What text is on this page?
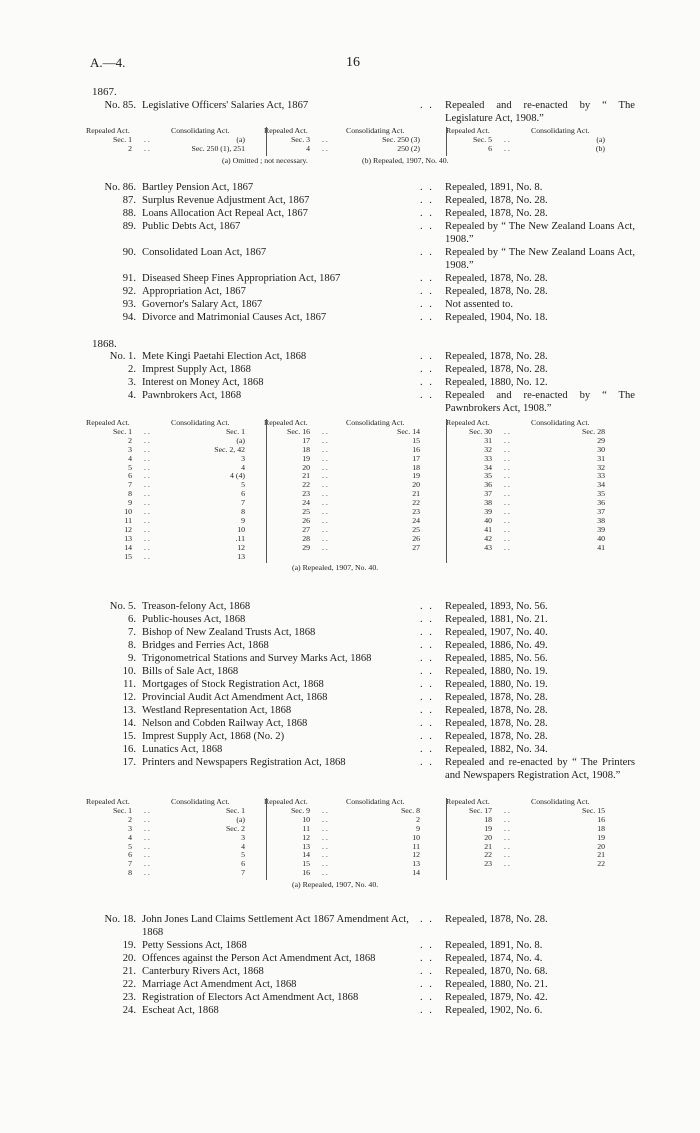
A.—4.	16
1867.
No. 85. Legislative Officers' Salaries Act, 1867	. . Repealed and re-enacted by “ The Legislature Act, 1908.”
Repealed Act.	Consolidating Act.
Sec. 1 . .	(a)
2 . .	Sec. 250 (1), 251
Repealed Act.	Consolidating Act.
Sec. 3 . .	Sec. 250 (3)
4 . .	250 (2)
Repealed Act.	Consolidating Act.
Sec. 5 . .	(a)
6 . .	(b)
(a) Omitted ; not necessary.	(b) Repealed, 1907, No. 40.
No. 86. Bartley Pension Act, 1867	. . Repealed, 1891, No. 8.
87. Surplus Revenue Adjustment Act, 1867	. . Repealed, 1878, No. 28.
88. Loans Allocation Act Repeal Act, 1867	. . Repealed, 1878, No. 28.
89. Public Debts Act, 1867	. . Repealed by “ The New Zealand Loans Act, 1908.”
90. Consolidated Loan Act, 1867	. . Repealed by “ The New Zealand Loans Act, 1908.”
91. Diseased Sheep Fines Appropriation Act, 1867	. . Repealed, 1878, No. 28.
92. Appropriation Act, 1867	. . Repealed, 1878, No. 28.
93. Governor's Salary Act, 1867	. . Not assented to.
94. Divorce and Matrimonial Causes Act, 1867	. . Repealed, 1904, No. 18.
1868.
No. 1. Mete Kingi Paetahi Election Act, 1868	. . Repealed, 1878, No. 28.
2. Imprest Supply Act, 1868	. . Repealed, 1878, No. 28.
3. Interest on Money Act, 1868	. . Repealed, 1880, No. 12.
4. Pawnbrokers Act, 1868	. . Repealed and re-enacted by “ The Pawnbrokers Act, 1908.”
Repealed Act.	Consolidating Act.
Sec. 1 . .	Sec. 1
2 . .	(a)
3 . .	Sec. 2, 42
4 . .	3
5 . .	4
6 . .	4 (4)
7 . .	5
8 . .	6
9 . .	7
10 . .	8
11 . .	9
12 . .	10
13 . .	.11
14 . .	12
15 . .	13
Repealed Act.	Consolidating Act.
Sec. 16 . .	Sec. 14
17 . .	15
18 . .	16
19 . .	17
20 . .	18
21 . .	19
22 . .	20
23 . .	21
24 . .	22
25 . .	23
26 . .	24
27 . .	25
28 . .	26
29 . .	27
Repealed Act.	Consolidating Act.
Sec. 30 . .	Sec. 28
31 . .	29
32 . .	30
33 . .	31
34 . .	32
35 . .	33
36 . .	34
37 . .	35
38 . .	36
39 . .	37
40 . .	38
41 . .	39
42 . .	40
43 . .	41
(a) Repealed, 1907, No. 40.
No. 5. Treason-felony Act, 1868	. . Repealed, 1893, No. 56.
6. Public-houses Act, 1868	. . Repealed, 1881, No. 21.
7. Bishop of New Zealand Trusts Act, 1868	. . Repealed, 1907, No. 40.
8. Bridges and Ferries Act, 1868	. . Repealed, 1886, No. 49.
9. Trigonometrical Stations and Survey Marks Act, 1868	. . Repealed, 1885, No. 56.
10. Bills of Sale Act, 1868	. . Repealed, 1880, No. 19.
11. Mortgages of Stock Registration Act, 1868	. . Repealed, 1880, No. 19.
12. Provincial Audit Act Amendment Act, 1868	. . Repealed, 1878, No. 28.
13. Westland Representation Act, 1868	. . Repealed, 1878, No. 28.
14. Nelson and Cobden Railway Act, 1868	. . Repealed, 1878, No. 28.
15. Imprest Supply Act, 1868 (No. 2)	. . Repealed, 1878, No. 28.
16. Lunatics Act, 1868	. . Repealed, 1882, No. 34.
17. Printers and Newspapers Registration Act, 1868	. . Repealed and re-enacted by “ The Printers and Newspapers Registration Act, 1908.”
Repealed Act.	Consolidating Act.
Sec. 1 . .	Sec. 1
2 . .	(a)
3 . .	Sec. 2
4 . .	3
5 . .	4
6 . .	5
7 . .	6
8 . .	7
Repealed Act.	Consolidating Act.
Sec. 9 . .	Sec. 8
10 . .	2
11 . .	9
12 . .	10
13 . .	11
14 . .	12
15 . .	13
16 . .	14
Repealed Act.	Consolidating Act.
Sec. 17 . .	Sec. 15
18 . .	16
19 . .	18
20 . .	19
21 . .	20
22 . .	21
23 . .	22
(a) Repealed, 1907, No. 40.
No. 18. John Jones Land Claims Settlement Act 1867 Amendment Act, 1868
. . Repealed, 1878, No. 28.
19. Petty Sessions Act, 1868	. . Repealed, 1891, No. 8.
20. Offences against the Person Act Amendment Act, 1868	. . Repealed, 1874, No. 4.
21. Canterbury Rivers Act, 1868	. . Repealed, 1870, No. 68.
22. Marriage Act Amendment Act, 1868	. . Repealed, 1880, No. 21.
23. Registration of Electors Act Amendment Act, 1868	. . Repealed, 1879, No. 42.
24. Escheat Act, 1868	. . Repealed, 1902, No. 6.
